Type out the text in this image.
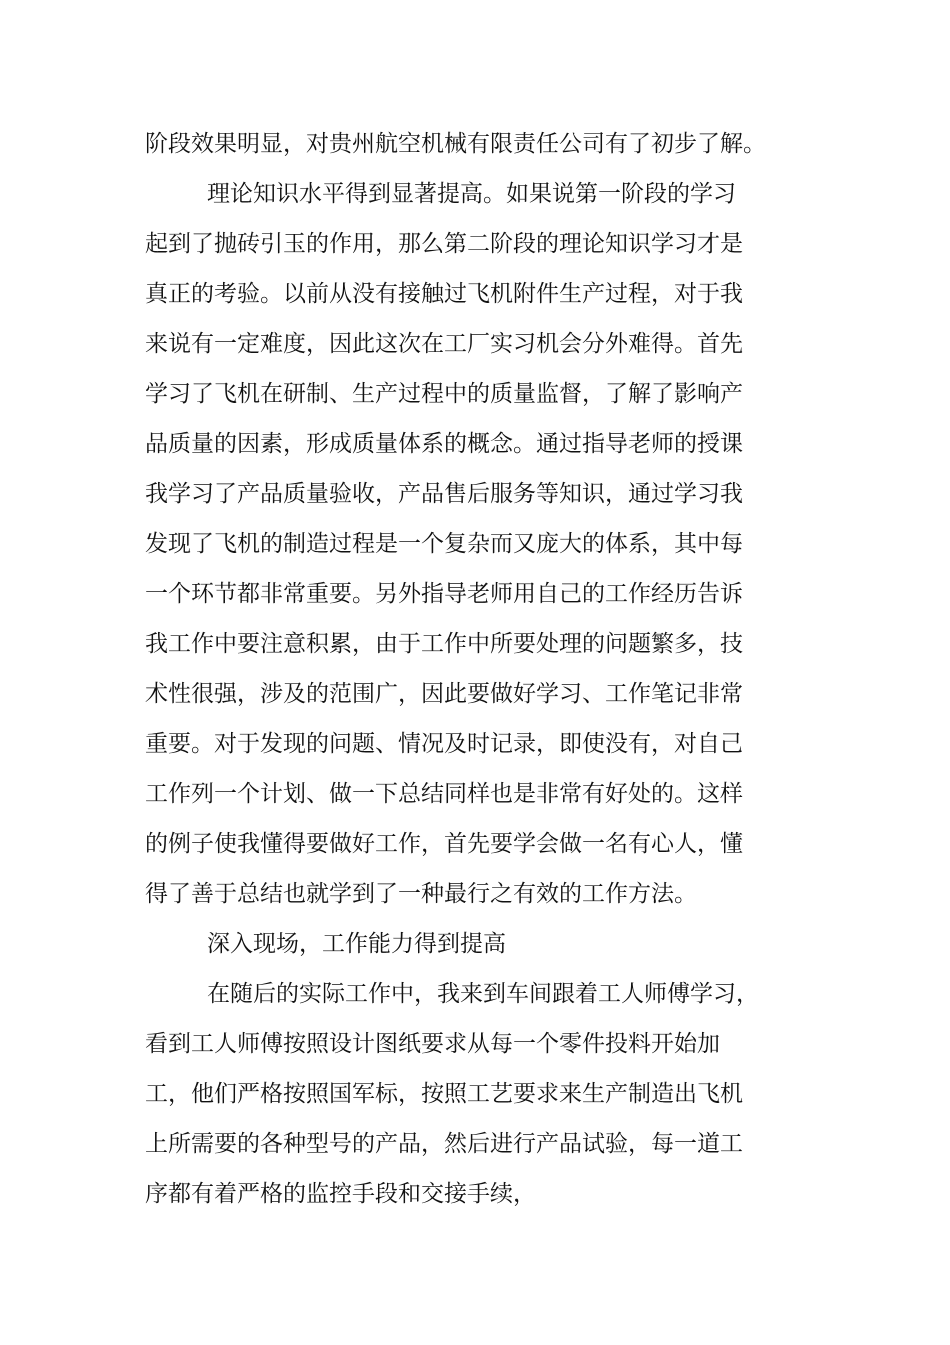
阶段效果明显，对贵州航空机械有限责任公司有了初步了解。
理论知识水平得到显著提高。如果说第一阶段的学习
起到了抛砖引玉的作用，那么第二阶段的理论知识学习才是
真正的考验。以前从没有接触过飞机附件生产过程，对于我
来说有一定难度，因此这次在工厂实习机会分外难得。首先
学习了飞机在研制、生产过程中的质量监督，了解了影响产
品质量的因素，形成质量体系的概念。通过指导老师的授课
我学习了产品质量验收，产品售后服务等知识，通过学习我
发现了飞机的制造过程是一个复杂而又庞大的体系，其中每
一个环节都非常重要。另外指导老师用自己的工作经历告诉
我工作中要注意积累，由于工作中所要处理的问题繁多，技
术性很强，涉及的范围广，因此要做好学习、工作笔记非常
重要。对于发现的问题、情况及时记录，即使没有，对自己
工作列一个计划、做一下总结同样也是非常有好处的。这样
的例子使我懂得要做好工作，首先要学会做一名有心人，懂
得了善于总结也就学到了一种最行之有效的工作方法。
深入现场，工作能力得到提高
在随后的实际工作中，我来到车间跟着工人师傅学习，
看到工人师傅按照设计图纸要求从每一个零件投料开始加
工，他们严格按照国军标，按照工艺要求来生产制造出飞机
上所需要的各种型号的产品，然后进行产品试验，每一道工
序都有着严格的监控手段和交接手续，
